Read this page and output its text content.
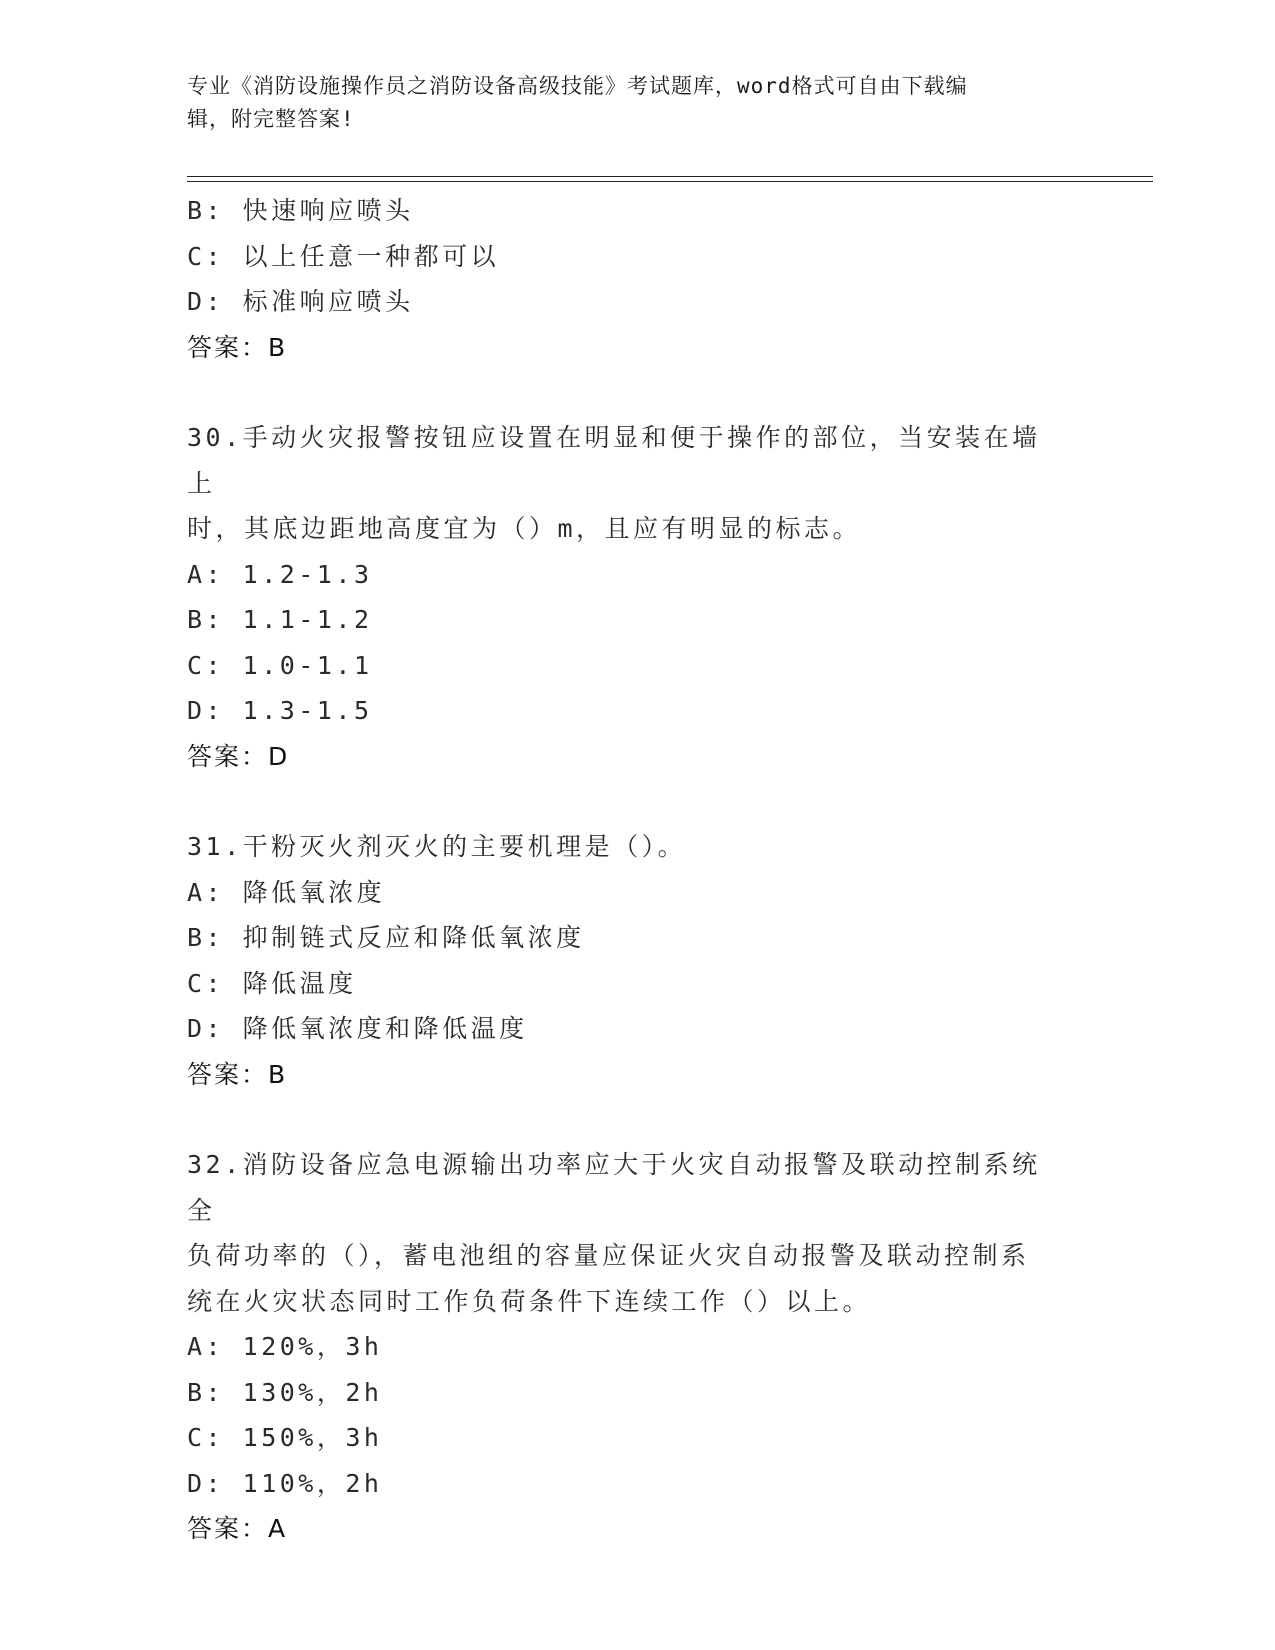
专业《消防设施操作员之消防设备高级技能》考试题库，word格式可自由下载编
辑，附完整答案!
B: 快速响应喷头
C: 以上任意一种都可以
D: 标准响应喷头
答案：B
30.手动火灾报警按钮应设置在明显和便于操作的部位，当安装在墙上
时，其底边距地高度宜为（）m，且应有明显的标志。
A: 1.2-1.3
B: 1.1-1.2
C: 1.0-1.1
D: 1.3-1.5
答案：D
31.干粉灭火剂灭火的主要机理是（）。
A: 降低氧浓度
B: 抑制链式反应和降低氧浓度
C: 降低温度
D: 降低氧浓度和降低温度
答案：B
32.消防设备应急电源输出功率应大于火灾自动报警及联动控制系统全
负荷功率的（），蓄电池组的容量应保证火灾自动报警及联动控制系
统在火灾状态同时工作负荷条件下连续工作（）以上。
A: 120%，3h
B: 130%，2h
C: 150%，3h
D: 110%，2h
答案：A
